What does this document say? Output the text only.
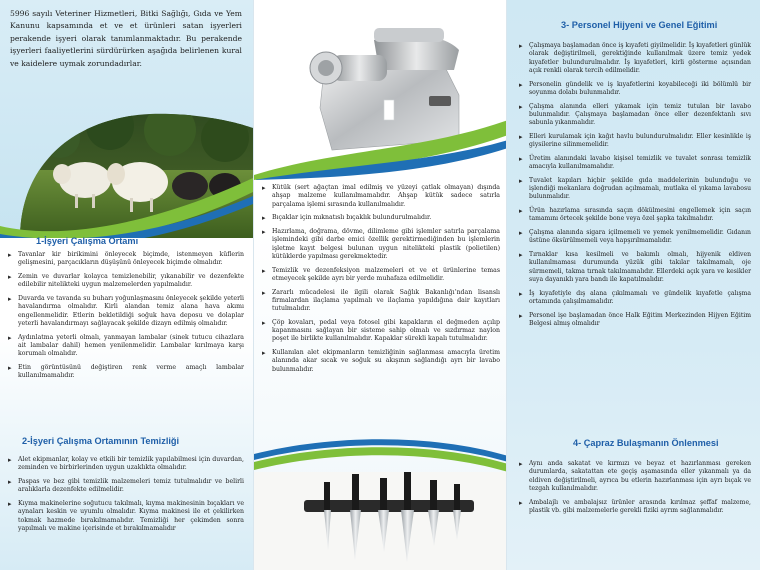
5996 sayılı Veteriner Hizmetleri, Bitki Sağlığı, Gıda ve Yem Kanunu kapsamında et ve et ürünleri satan işyerleri perakende işyeri olarak tanımlanmaktadır. Bu perakende işyerleri faaliyetlerini sürdürürken aşağıda belirlenen kural ve kaidelere uymak zorundadırlar.

1-İşyeri Çalışma Ortamı
▸ Tavanlar kir birikimini önleyecek biçimde, istenmeyen küflerin gelişmesini, parçacıkların düşüşünü önleyecek biçimde olmalıdır.
▸ Zemin ve duvarlar kolayca temizlenebilir, yıkanabilir ve dezenfekte edilebilir nitelikteki uygun malzemelerden yapılmalıdır.
▸ Duvarda ve tavanda su buharı yoğunlaşmasını önleyecek şekilde yeterli havalandırma olmalıdır. Kirli alandan temiz alana hava akımı engellenmelidir. Etlerin bekletildiği soğuk hava deposu ve dolaplar yeterli havalandırmayı sağlayacak şekilde dizayn edilmiş olmalıdır.
▸ Aydınlatma yeterli olmalı, yanmayan lambalar (sinek tutucu cihazlara ait lambalar dahil) hemen yenilenmelidir. Lambalar kırılmaya karşı korumalı olmalıdır.
▸ Etin görüntüsünü değiştiren renk verme amaçlı lambalar kullanılmamalıdır.
2-İşyeri Çalışma Ortamının Temizliği
▸ Alet ekipmanlar, kolay ve etkili bir temizlik yapılabilmesi için duvardan, zeminden ve birbirlerinden uygun uzaklıkta olmalıdır.
▸ Paspas ve bez gibi temizlik malzemeleri temiz tutulmalıdır ve belirli aralıklarla dezenfekte edilmelidir.
▸ Kıyma makinelerine soğutucu takılmalı, kıyma makinesinin bıçakları ve aynaları keskin ve uyumlu olmalıdır. Kıyma makinesi ile et çekilirken tokmak hazmede bırakılmamalıdır. Temizliği her çekimden sonra yapılmalı ve makine içerisinde et bırakılmamalıdır
▸ Kütük (sert ağaçtan imal edilmiş ve yüzeyi çatlak olmayan) dışında ahşap malzeme kullanılmamalıdır. Ahşap kütük sadece satırla parçalama işlemi sırasında kullanılmalıdır.
▸ Bıçaklar için mıknatıslı bıçaklık bulundurulmalıdır.
▸ Hazırlama, doğrama, dövme, dilimleme gibi işlemler satırla parçalama işlemindeki gibi darbe emici özellik gerektirmediğinden bu işlemlerin işletme kayıt belgesi bulunan uygun nitelikteki plastik (polietilen) kütüklerde yapılması gerekmektedir.
▸ Temizlik ve dezenfeksiyon malzemeleri et ve et ürünlerine temas etmeyecek şekilde ayrı bir yerde muhafaza edilmelidir.
▸ Zararlı mücadelesi ile ilgili olarak Sağlık Bakanlığı’ndan lisanslı firmalardan ilaçlama yapılmalı ve ilaçlama yapıldığına dair kayıtları tutulmalıdır.
▸ Çöp kovaları, pedal veya fotosel gibi kapakların el değmeden açılıp kapanmasını sağlayan bir sisteme sahip olmalı ve sızdırmaz naylon poşet ile birlikte kullanılmalıdır. Kapaklar sürekli kapalı tutulmalıdır.
▸ Kullanılan alet ekipmanların temizliğinin sağlanması amacıyla üretim alanında akar sıcak ve soğuk su akışının sağlandığı ayrı bir lavabo bulunmalıdır.
3- Personel Hijyeni ve Genel Eğitimi
▸ Çalışmaya başlamadan önce iş kıyafeti giyilmelidir. İş kıyafetleri günlük olarak değiştirilmeli, gerektiğinde kullanılmak üzere temiz yedek kıyafetler bulundurulmalıdır. İş kıyafetleri, kirli gösterme açısından açık renkli olarak tercih edilmelidir.
▸ Personelin gündelik ve iş kıyafetlerini koyabileceği iki bölümlü bir soyunma dolabı bulunmalıdır.
▸ Çalışma alanında elleri yıkamak için temiz tutulan bir lavabo bulunmalıdır. Çalışmaya başlamadan önce eller dezenfektanlı sıvı sabunla yıkanmalıdır.
▸ Elleri kurulamak için kağıt havlu bulundurulmalıdır. Eller kesinlikle iş giysilerine silinmemelidir.
▸ Üretim alanındaki lavabo kişisel temizlik ve tuvalet sonrası temizlik amacıyla kullanılmamalıdır.
▸ Tuvalet kapıları hiçbir şekilde gıda maddelerinin bulunduğu ve işlendiği mekanlara doğrudan açılmamalı, mutlaka el yıkama lavabosu bulunmalıdır.
▸ Ürün hazırlama sırasında saçın dökülmesini engellemek için saçın tamamını örtecek şekilde bone veya özel şapka takılmalıdır.
▸ Çalışma alanında sigara içilmemeli ve yemek yenilmemelidir. Gıdanın üstüne öksürülmemeli veya hapşırılmamalıdır.
▸ Tırnaklar kısa kesilmeli ve bakımlı olmalı, hijyenik eldiven kullanılmaması durumunda yüzük gibi takılar takılmamalı, oje sürmemeli, takma tırnak takılmamalıdır. Ellerdeki açık yara ve kesikler suya dayanıklı yara bandı ile kapatılmalıdır.
▸ İş kıyafetiyle dış alana çıkılmamalı ve gündelik kıyafetle çalışma ortamında çalışılmamalıdır.
▸ Personel işe başlamadan önce Halk Eğitim Merkezinden Hijyen Eğitim Belgesi almış olmalıdır
4- Çapraz Bulaşmanın Önlenmesi
▸ Aynı anda sakatat ve kırmızı ve beyaz et hazırlanması gereken durumlarda, sakatattan ete geçiş aşamasında eller yıkanmalı ya da eldiven değiştirilmeli, ayrıca bu etlerin hazırlanması için ayrı bıçak ve tezgah kullanılmalıdır.
▸ Ambalajlı ve ambalajsız ürünler arasında kırılmaz şeffaf malzeme, plastik vb. gibi malzemelerle gerekli fiziki ayrım sağlanmalıdır.
